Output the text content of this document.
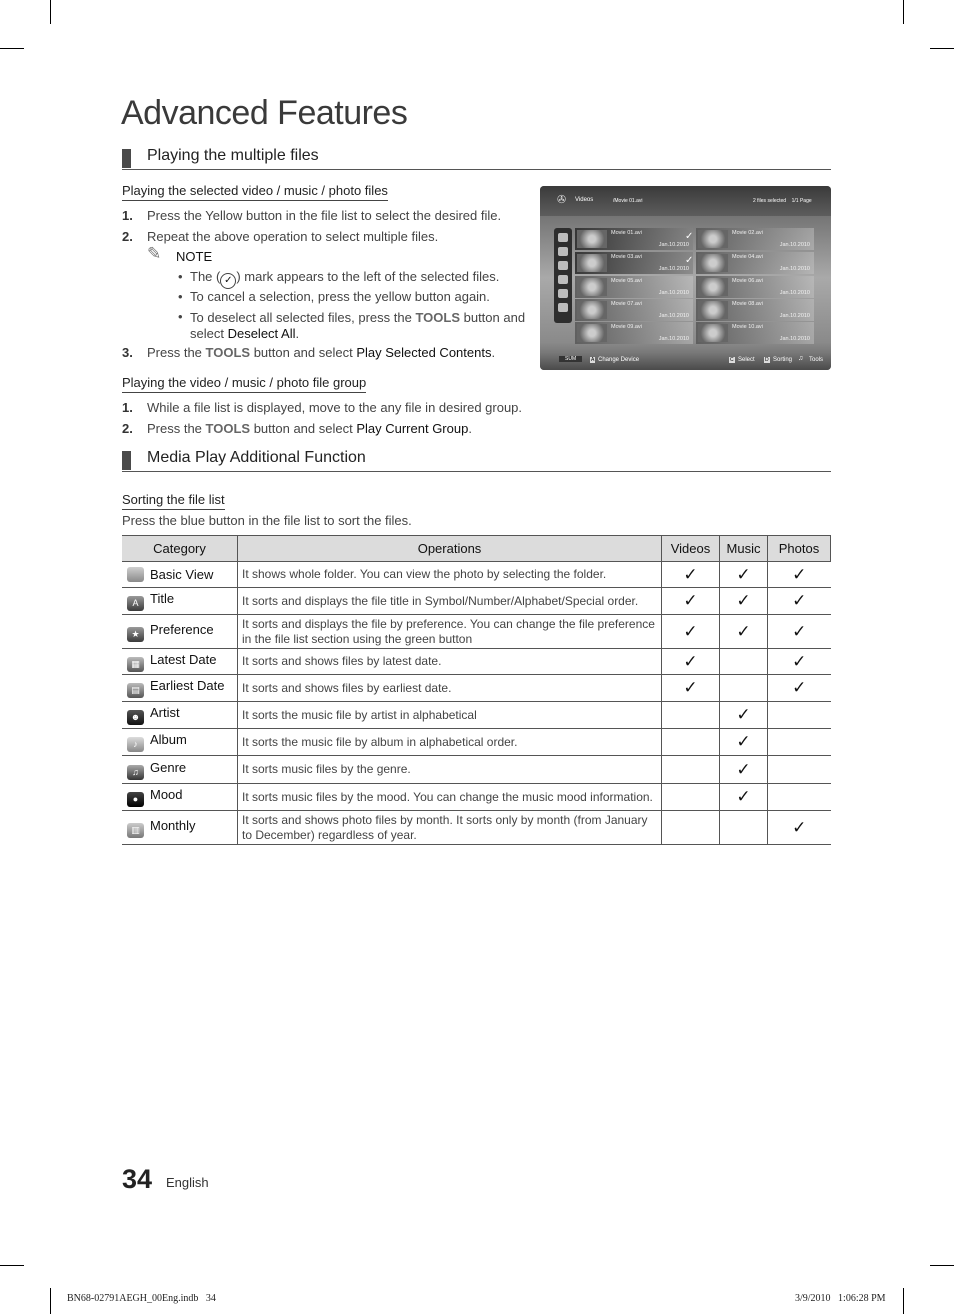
Advanced Features
Playing the multiple files
Playing the selected video / music / photo files
1. Press the Yellow button in the file list to select the desired file.
2. Repeat the above operation to select multiple files.
✎ NOTE
• The ( ✓ ) mark appears to the left of the selected files.
• To cancel a selection, press the yellow button again.
• To deselect all selected files, press the TOOLS button and
select Deselect All.
3. Press the TOOLS button and select Play Selected Contents.
Playing the video / music / photo file group
1. While a file list is displayed, move to the any file in desired group.
2. Press the TOOLS button and select Play Current Group.
✇ Videos	/Movie 01.avi	2 files selected    1/1 Page
Movie 01.avi
Jan.10.2010
✓	Movie 02.avi
Jan.10.2010
Movie 03.avi
Jan.10.2010
✓	Movie 04.avi
Jan.10.2010
Movie 05.avi
Jan.10.2010
Movie 06.avi
Jan.10.2010
Movie 07.avi
Jan.10.2010
Movie 08.avi
Jan.10.2010
Movie 09.avi
Jan.10.2010
Movie 10.avi
Jan.10.2010
SUM	A Change Device	C Select D Sorting ♫ Tools
Media Play Additional Function
Sorting the file list
Press the blue button in the file list to sort the files.
Category	Operations	Videos	Music	Photos
Basic View	It shows whole folder. You can view the photo by selecting the folder.	✓	✓	✓
A Title	It sorts and displays the file title in Symbol/Number/Alphabet/Special order.	✓	✓	✓
★ Preference	It sorts and displays the file by preference. You can change the file preference in the file list section using the green button	✓	✓	✓
▦ Latest Date	It sorts and shows files by latest date.	✓		✓
▤ Earliest Date	It sorts and shows files by earliest date.	✓		✓
☻ Artist	It sorts the music file by artist in alphabetical		✓	
♪ Album	It sorts the music file by album in alphabetical order.		✓	
♫ Genre	It sorts music files by the genre.		✓	
● Mood	It sorts music files by the mood. You can change the music mood information.		✓	
▥ Monthly	It sorts and shows photo files by month. It sorts only by month (from January to December) regardless of year.			✓
34 English
BN68-02791AEGH_00Eng.indb   34	3/9/2010   1:06:28 PM
